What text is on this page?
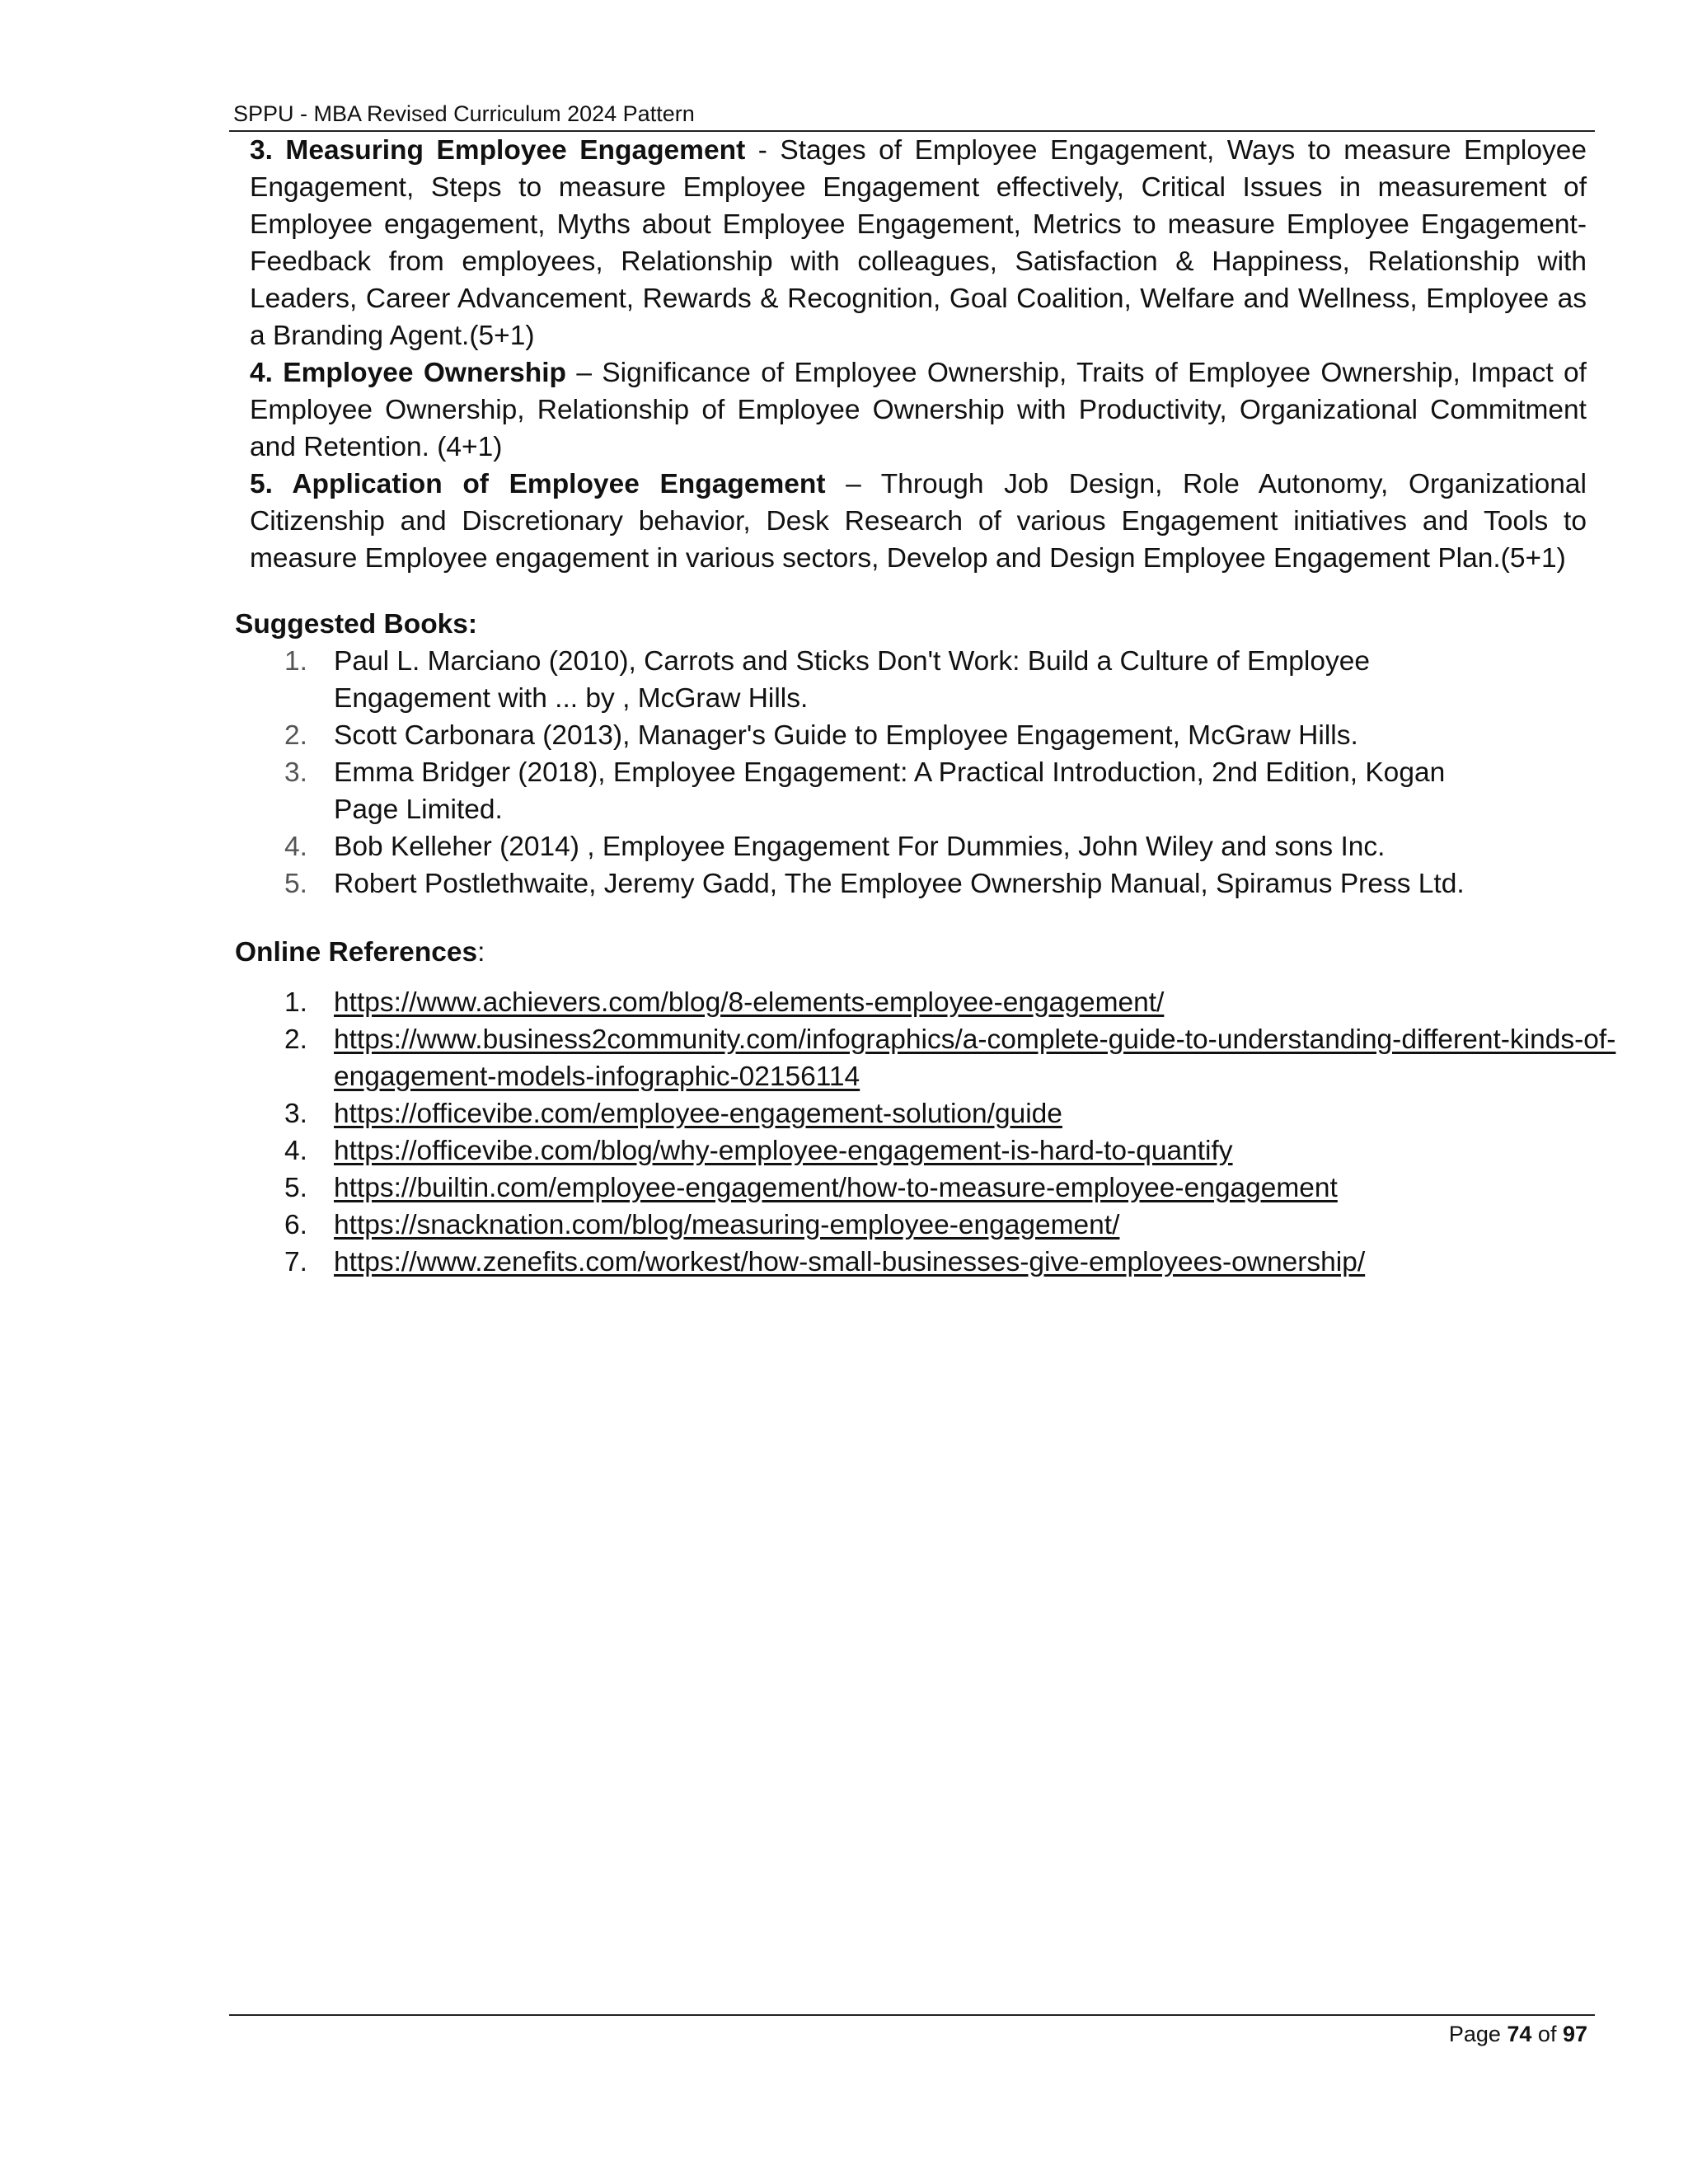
SPPU - MBA Revised Curriculum 2024 Pattern

3. Measuring Employee Engagement - Stages of Employee Engagement, Ways to measure Employee Engagement, Steps to measure Employee Engagement effectively, Critical Issues in measurement of Employee engagement, Myths about Employee Engagement, Metrics to measure Employee Engagement- Feedback from employees, Relationship with colleagues, Satisfaction & Happiness, Relationship with Leaders, Career Advancement, Rewards & Recognition, Goal Coalition, Welfare and Wellness, Employee as a Branding Agent.(5+1)

4. Employee Ownership – Significance of Employee Ownership, Traits of Employee Ownership, Impact of Employee Ownership, Relationship of Employee Ownership with Productivity, Organizational Commitment and Retention. (4+1)

5. Application of Employee Engagement – Through Job Design, Role Autonomy, Organizational Citizenship and Discretionary behavior, Desk Research of various Engagement initiatives and Tools to measure Employee engagement in various sectors, Develop and Design Employee Engagement Plan.(5+1)

Suggested Books:
1. Paul L. Marciano (2010), Carrots and Sticks Don't Work: Build a Culture of Employee Engagement with ... by , McGraw Hills.
2. Scott Carbonara (2013), Manager's Guide to Employee Engagement, McGraw Hills.
3. Emma Bridger (2018), Employee Engagement: A Practical Introduction, 2nd Edition, Kogan Page Limited.
4. Bob Kelleher (2014) , Employee Engagement For Dummies, John Wiley and sons Inc.
5. Robert Postlethwaite, Jeremy Gadd, The Employee Ownership Manual, Spiramus Press Ltd.
Online References:
1. https://www.achievers.com/blog/8-elements-employee-engagement/
2. https://www.business2community.com/infographics/a-complete-guide-to-understanding-different-kinds-of-engagement-models-infographic-02156114
3. https://officevibe.com/employee-engagement-solution/guide
4. https://officevibe.com/blog/why-employee-engagement-is-hard-to-quantify
5. https://builtin.com/employee-engagement/how-to-measure-employee-engagement
6. https://snacknation.com/blog/measuring-employee-engagement/
7. https://www.zenefits.com/workest/how-small-businesses-give-employees-ownership/
Page 74 of 97
